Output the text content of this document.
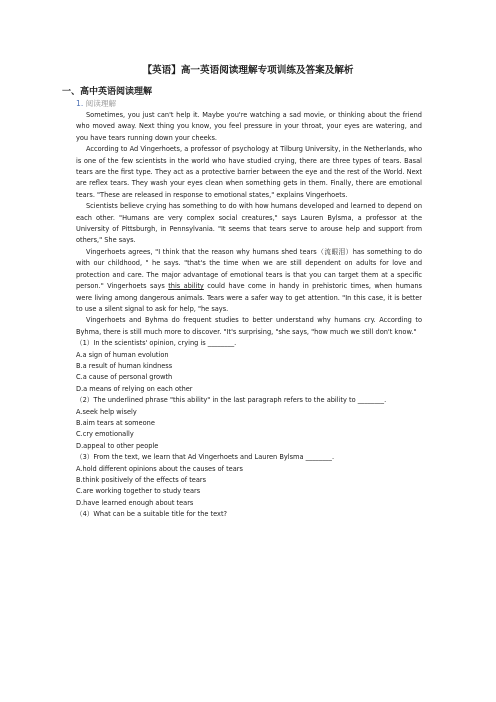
【英语】高一英语阅读理解专项训练及答案及解析
一、高中英语阅读理解
1. 阅读理解

Sometimes, you just can't help it. Maybe you're watching a sad movie, or thinking about the friend who moved away. Next thing you know, you feel pressure in your throat, your eyes are watering, and you have tears running down your cheeks.

According to Ad Vingerhoets, a professor of psychology at Tilburg University, in the Netherlands, who is one of the few scientists in the world who have studied crying, there are three types of tears. Basal tears are the first type. They act as a protective barrier between the eye and the rest of the World. Next are reflex tears. They wash your eyes clean when something gets in them. Finally, there are emotional tears. "These are released in response to emotional states," explains Vingerhoets.

Scientists believe crying has something to do with how humans developed and learned to depend on each other. "Humans are very complex social creatures," says Lauren Bylsma, a professor at the University of Pittsburgh, in Pennsylvania. "It seems that tears serve to arouse help and support from others," She says.

Vingerhoets agrees, "I think that the reason why humans shed tears（流眼泪）has something to do with our childhood, " he says. "that's the time when we are still dependent on adults for love and protection and care. The major advantage of emotional tears is that you can target them at a specific person." Vingerhoets says this ability could have come in handy in prehistoric times, when humans were living among dangerous animals. Tears were a safer way to get attention. "In this case, it is better to use a silent signal to ask for help, "he says.

Vingerhoets and Byhma do frequent studies to better understand why humans cry. According to Byhma, there is still much more to discover. "It's surprising, "she says, "how much we still don't know."

（1）In the scientists' opinion, crying is ________.

A.a sign of human evolution

B.a result of human kindness

C.a cause of personal growth

D.a means of relying on each other

（2）The underlined phrase "this ability" in the last paragraph refers to the ability to ________.

A.seek help wisely

B.aim tears at someone

C.cry emotionally

D.appeal to other people

（3）From the text, we learn that Ad Vingerhoets and Lauren Bylsma ________.

A.hold different opinions about the causes of tears

B.think positively of the effects of tears

C.are working together to study tears

D.have learned enough about tears

（4）What can be a suitable title for the text?
